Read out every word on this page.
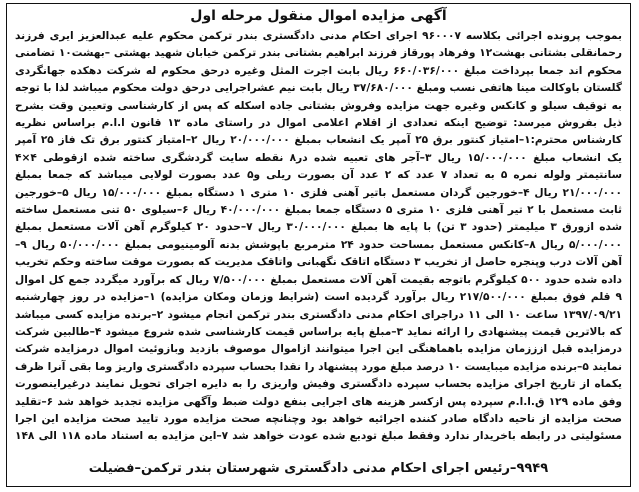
آگهی مزایده اموال منقول مرحله اول
بموجب پرونده اجرائی بکلاسه ۹۶۰۰۰۷ اجرای احکام مدنی دادگستری بندر ترکمن محکوم علیه عبدالعزیز ایری فرزند رحمانقلی بشتانی بهشت۱۲ وفرهاد پورقاز فرزند ابراهیم بشتانی بندر ترکمن خیابان شهید بهشتی –بهشت۱۰ تضامنی محکوم اند جمعا بپرداخت مبلغ ۶۶۰/۰۳۶/۰۰۰ ریال بابت اجرت المثل وغیره درحق محکوم له شرکت دهکده جهانگردی گلستان باوکالت مینا هاتفی نسب ومبلغ ۳۷/۶۸۰/۰۰۰ ریال بابت نیم عشراجرایی درحق دولت محکوم میباشد لذا با توجه به توقیف سیلو و کانکس وغیره جهت مزایده وفروش بشتانی جاده اسکله که پس از کارشناسی وتعیین وقت بشرح ذیل بفروش میرسد: توضیح اینکه تعدادی از اقلام اعلامی اموال در راستای ماده ۱۳ قانون ا.ا.م براساس نظریه کارشناس محترم:۱–امتیاز کنتور برق ۲۵ آمپر یک انشعاب بمبلغ ۲۰/۰۰۰/۰۰۰ ریال ۲–امتیاز کنتور برق تک فاز ۲۵ آمپر یک انشعاب مبلغ ۱۵/۰۰۰/۰۰۰ ریال ۳–آجر های تعبیه شده در۸ نقطه سایت گردشگری ساخته شده ازقوطی ۴×۴ سانتیمتر ولوله نمره ۵ به تعداد ۷ عدد که ۲ عدد آن بصورت ریلی و۵ عدد بصورت لولایی میباشد که جمعا بمبلغ ۲۱/۰۰۰/۰۰۰ ریال ۴–خورجین گردان مستعمل باتیر آهنی فلزی ۱۰ متری ۱ دستگاه بمبلغ ۱۵/۰۰۰/۰۰۰ ریال ۵–خورجین ثابت مستعمل با ۲ تیر آهنی فلزی ۱۰ متری ۵ دستگاه جمعا بمبلغ ۴۰/۰۰۰/۰۰۰ ریال ۶–سیلوی ۵۰ تنی مستعمل ساخته شده ازورق ۳ میلیمتر (حدود ۳ تن) با پایه ها بمبلغ ۳۰/۰۰۰/۰۰۰ ریال ۷–حدود ۲۰ کیلوگرم آهن آلات مستعمل بمبلغ ۵/۰۰۰/۰۰۰ ریال ۸–کانکس مستعمل بمساحت حدود ۲۴ مترمربع باپوشش بدنه آلومینیومی بمبلغ ۵۰/۰۰۰/۰۰۰ ریال ۹–آهن آلات درب وپنجره حاصل از تخریب ۳ دستگاه اتاقک نگهبانی واتاقک مدیریت که بصورت موقت ساخته وحکم تخریب داده شده حدود ۵۰۰ کیلوگرم باتوجه بقیمت آهن آلات مستعمل بمبلغ ۷/۵۰۰/۰۰۰ ریال که برآورد میگردد جمع کل اموال ۹ قلم فوق بمبلغ ۲۱۷/۵۰۰/۰۰۰ ریال برآورد گردیده است (شرایط وزمان ومکان مزایده) ۱–مزایده در روز چهارشنبه ۱۳۹۷/۰۹/۲۱ ساعت ۱۰ الی ۱۱ دراجرای احکام مدنی دادگستری بندر ترکمن انجام میشود ۲–برنده مزایده کسی میباشد که بالاترین قیمت پیشنهادی را ارائه نماید ۳–مبلغ پایه براساس قیمت کارشناسی شده شروع میشود ۴–طالبین شرکت درمزایده قبل ازززمان مزایده باهماهنگی این اجرا میتوانند ازاموال موصوف بازدید وبازوئیت اموال درمزایده شرکت نمایند ۵–برنده مزایده میبایست ۱۰ درصد مبلغ مورد پیشنهاد را نقدا بحساب سپرده دادگستری واریز وما بقی آنرا ظرف یکماه از تاریخ اجرای مزایده بحساب سپرده دادگستری وفیش واریزی را به دایره اجرای تحویل نمایند درغیراینصورت وفق ماده ۱۲۹ ق.ا.ا.م سپرده پس ازکسر هزینه های اجرایی بنفع دولت ضبط وآگهی مزایده تجدید خواهد شد ۶–تقلید صحت مزایده از ناحیه دادگاه صادر کننده اجرائیه خواهد بود وچنانچه صحت مزایده مورد تایید صحت مزایده این اجرا مسئولیتی در رابطه باخریدار ندارد وفقط مبلغ تودیع شده عودت خواهد شد ۷–این مزایده به استناد ماده ۱۱۸ الی ۱۴۸
۹۹۴۹–رئیس اجرای احکام مدنی دادگستری شهرستان بندر ترکمن–فضیلت
